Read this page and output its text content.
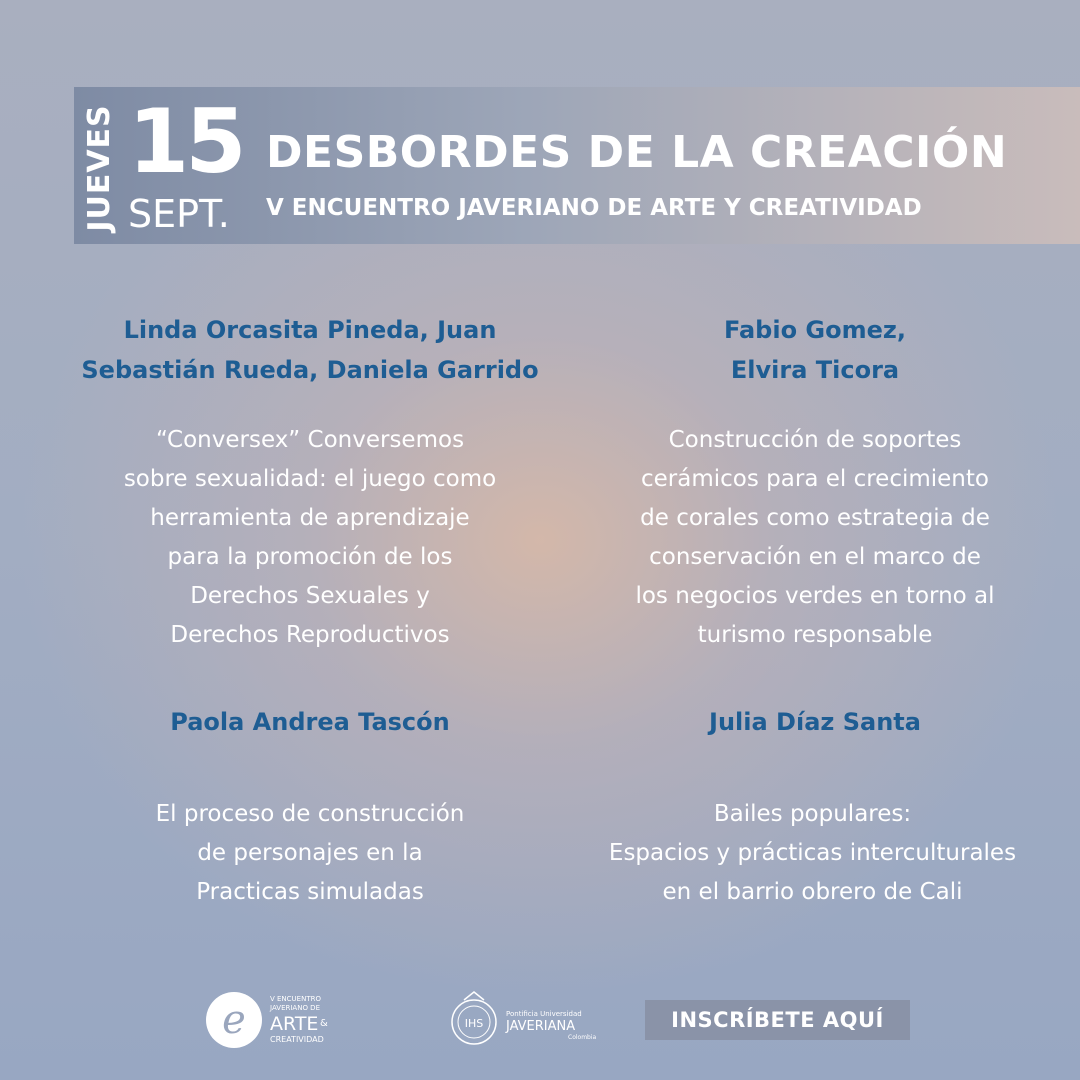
JUEVES 15
SEPT.
DESBORDES DE LA CREACIÓN
V ENCUENTRO JAVERIANO DE ARTE Y CREATIVIDAD
Linda Orcasita Pineda, Juan Sebastián Rueda, Daniela Garrido
“Conversex” Conversemos
sobre sexualidad: el juego como
herramienta de aprendizaje
para la promoción de los
Derechos Sexuales y
Derechos Reproductivos
Fabio Gomez,
Elvira Ticora
Construcción de soportes
cerámicos para el crecimiento
de corales como estrategia de
conservación en el marco de
los negocios verdes en torno al
turismo responsable
Paola Andrea Tascón
El proceso de construcción
de personajes en la
Practicas simuladas
Julia Díaz Santa
Bailes populares:
Espacios y prácticas interculturales
en el barrio obrero de Cali
e	V ENCUENTRO
JAVERIANO DE
ARTE &
CREATIVIDAD
IHS
Pontificia Universidad
JAVERIANA
Colombia
INSCRÍBETE AQUÍ
